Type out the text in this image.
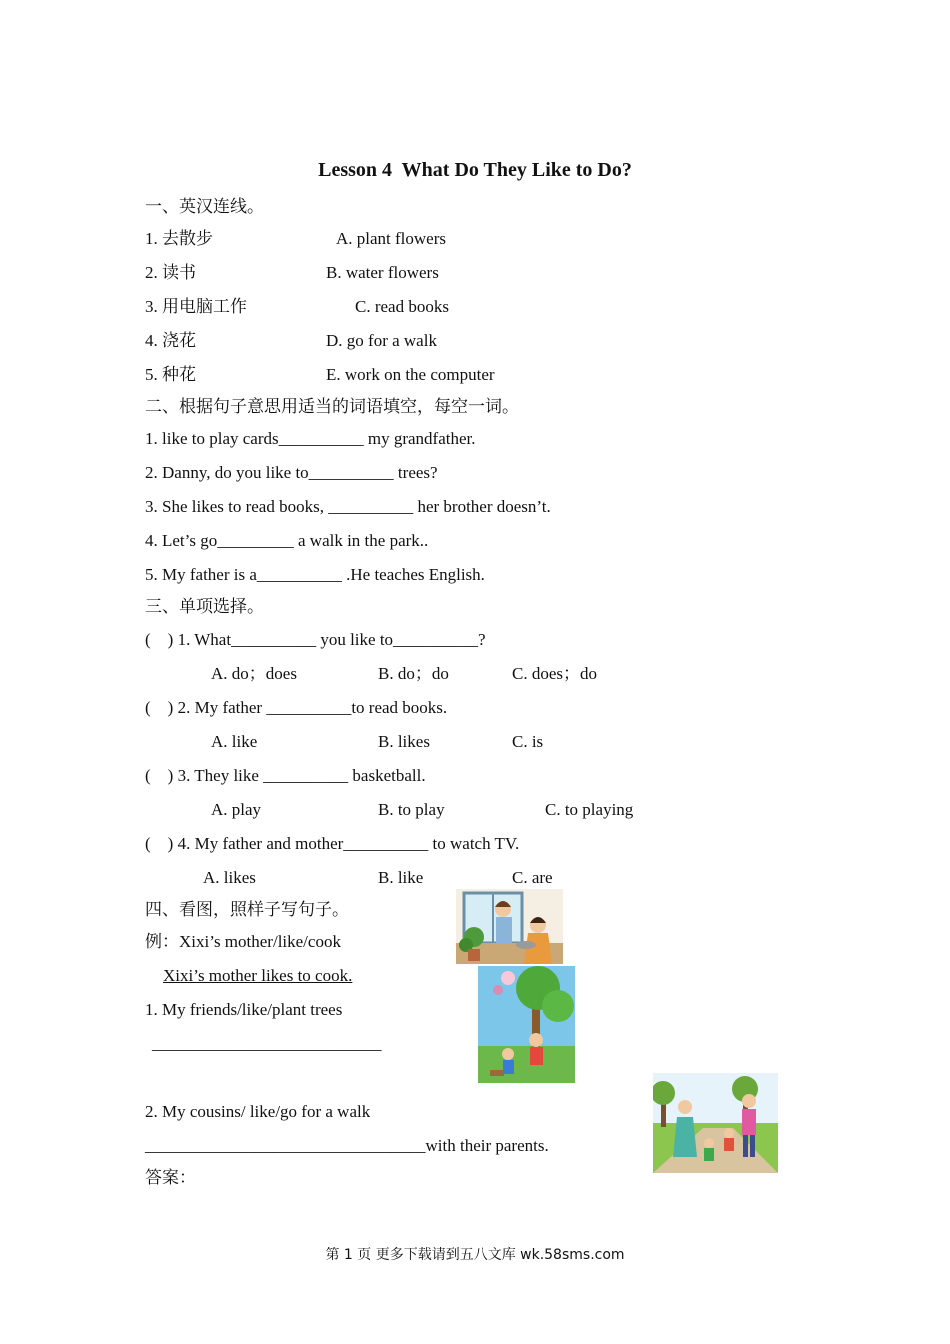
Lesson 4  What Do They Like to Do?
一、英汉连线。
1. 去散步	A. plant flowers
2. 读书	B. water flowers
3. 用电脑工作	C. read books
4. 浇花	D. go for a walk
5. 种花	E. work on the computer
二、根据句子意思用适当的词语填空，每空一词。
1. like to play cards__________ my grandfather.
2. Danny, do you like to__________ trees?
3. She likes to read books, __________ her brother doesn’t.
4. Let’s go_________ a walk in the park..
5. My father is a__________ .He teaches English.
三、单项选择。
(    ) 1. What__________ you like to__________?
A. do；does	B. do；do	C. does；do
(    ) 2. My father __________to read books.
A. like	B. likes	C. is
(    ) 3. They like __________ basketball.
A. play	B. to play	C. to playing
(    ) 4. My father and mother__________ to watch TV.
A. likes	B. like	C. are
四、看图，照样子写句子。
例：Xixi’s mother/like/cook
Xixi’s mother likes to cook.
1. My friends/like/plant trees
___________________________
2. My cousins/ like/go for a walk
_________________________________with their parents.
答案：
第 1 页 更多下载请到五八文库 wk.58sms.com
